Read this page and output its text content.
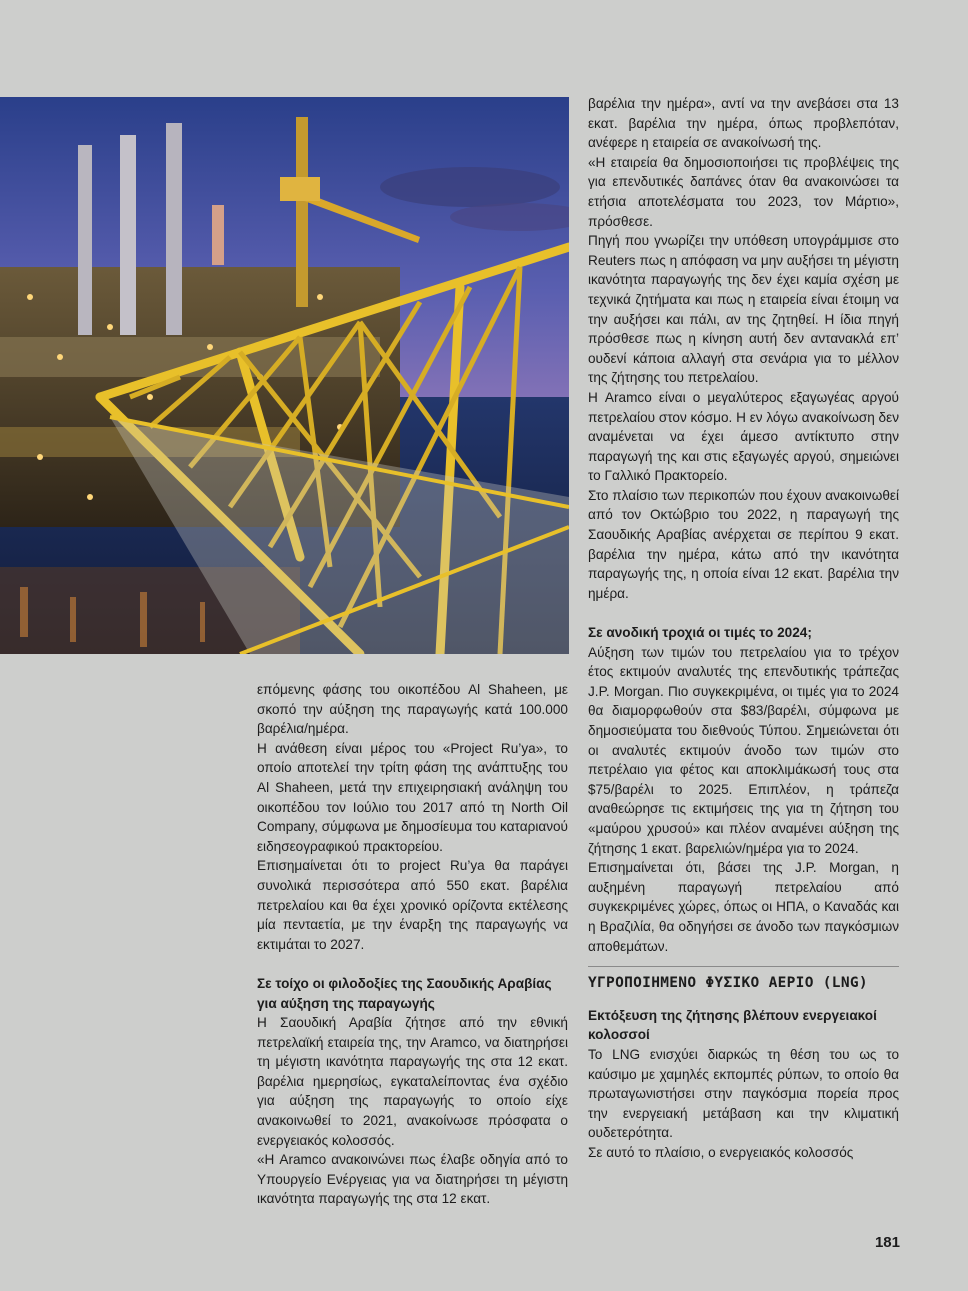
επόμενης φάσης του οικοπέδου Al Shaheen, με σκοπό την αύξηση της παραγωγής κατά 100.000 βαρέλια/ημέρα.

Η ανάθεση είναι μέρος του «Project Ru’ya», το οποίο αποτελεί την τρίτη φάση της ανάπτυξης του Al Shaheen, μετά την επιχειρησιακή ανάληψη του οικοπέδου τον Ιούλιο του 2017 από τη North Oil Company, σύμφωνα με δημοσίευμα του καταριανού ειδησεογραφικού πρακτορείου.

Επισημαίνεται ότι το project Ru’ya θα παράγει συνολικά περισσότερα από 550 εκατ. βαρέλια πετρελαίου και θα έχει χρονικό ορίζοντα εκτέλεσης μία πενταετία, με την έναρξη της παραγωγής να εκτιμάται το 2027.

Σε τοίχο οι φιλοδοξίες της Σαουδικής Αραβίας για αύξηση της παραγωγής

Η Σαουδική Αραβία ζήτησε από την εθνική πετρελαϊκή εταιρεία της, την Aramco, να διατηρήσει τη μέγιστη ικανότητα παραγωγής της στα 12 εκατ. βαρέλια ημερησίως, εγκαταλείποντας ένα σχέδιο για αύξηση της παραγωγής το οποίο είχε ανακοινωθεί το 2021, ανακοίνωσε πρόσφατα ο ενεργειακός κολοσσός.

«Η Aramco ανακοινώνει πως έλαβε οδηγία από το Υπουργείο Ενέργειας για να διατηρήσει τη μέγιστη ικανότητα παραγωγής της στα 12 εκατ.

βαρέλια την ημέρα», αντί να την ανεβάσει στα 13 εκατ. βαρέλια την ημέρα, όπως προβλεπόταν, ανέφερε η εταιρεία σε ανακοίνωσή της.

«Η εταιρεία θα δημοσιοποιήσει τις προβλέψεις της για επενδυτικές δαπάνες όταν θα ανακοινώσει τα ετήσια αποτελέσματα του 2023, τον Μάρτιο», πρόσθεσε.

Πηγή που γνωρίζει την υπόθεση υπογράμμισε στο Reuters πως η απόφαση να μην αυξήσει τη μέγιστη ικανότητα παραγωγής της δεν έχει καμία σχέση με τεχνικά ζητήματα και πως η εταιρεία είναι έτοιμη να την αυξήσει και πάλι, αν της ζητηθεί. Η ίδια πηγή πρόσθεσε πως η κίνηση αυτή δεν αντανακλά επ’ ουδενί κάποια αλλαγή στα σενάρια για το μέλλον της ζήτησης του πετρελαίου.

Η Aramco είναι ο μεγαλύτερος εξαγωγέας αργού πετρελαίου στον κόσμο. Η εν λόγω ανακοίνωση δεν αναμένεται να έχει άμεσο αντίκτυπο στην παραγωγή της και στις εξαγωγές αργού, σημειώνει το Γαλλικό Πρακτορείο.

Στο πλαίσιο των περικοπών που έχουν ανακοινωθεί από τον Οκτώβριο του 2022, η παραγωγή της Σαουδικής Αραβίας ανέρχεται σε περίπου 9 εκατ. βαρέλια την ημέρα, κάτω από την ικανότητα παραγωγής της, η οποία είναι 12 εκατ. βαρέλια την ημέρα.

Σε ανοδική τροχιά οι τιμές το 2024;

Αύξηση των τιμών του πετρελαίου για το τρέχον έτος εκτιμούν αναλυτές της επενδυτικής τράπεζας J.P. Morgan. Πιο συγκεκριμένα, οι τιμές για το 2024 θα διαμορφωθούν στα $83/βαρέλι, σύμφωνα με δημοσιεύματα του διεθνούς Τύπου. Σημειώνεται ότι οι αναλυτές εκτιμούν άνοδο των τιμών στο πετρέλαιο για φέτος και αποκλιμάκωσή τους στα $75/βαρέλι το 2025. Επιπλέον, η τράπεζα αναθεώρησε τις εκτιμήσεις της για τη ζήτηση του «μαύρου χρυσού» και πλέον αναμένει αύξηση της ζήτησης 1 εκατ. βαρελιών/ημέρα για το 2024.

Επισημαίνεται ότι, βάσει της J.P. Morgan, η αυξημένη παραγωγή πετρελαίου από συγκεκριμένες χώρες, όπως οι ΗΠΑ, ο Καναδάς και η Βραζιλία, θα οδηγήσει σε άνοδο των παγκόσμιων αποθεμάτων.

ΥΓΡΟΠΟΙΗΜΕΝΟ ΦΥΣΙΚΟ ΑΕΡΙΟ (LNG)
Εκτόξευση της ζήτησης βλέπουν ενεργειακοί κολοσσοί

Το LNG ενισχύει διαρκώς τη θέση του ως το καύσιμο με χαμηλές εκπομπές ρύπων, το οποίο θα πρωταγωνιστήσει στην παγκόσμια πορεία προς την ενεργειακή μετάβαση και την κλιματική ουδετερότητα.

Σε αυτό το πλαίσιο, ο ενεργειακός κολοσσός

181
